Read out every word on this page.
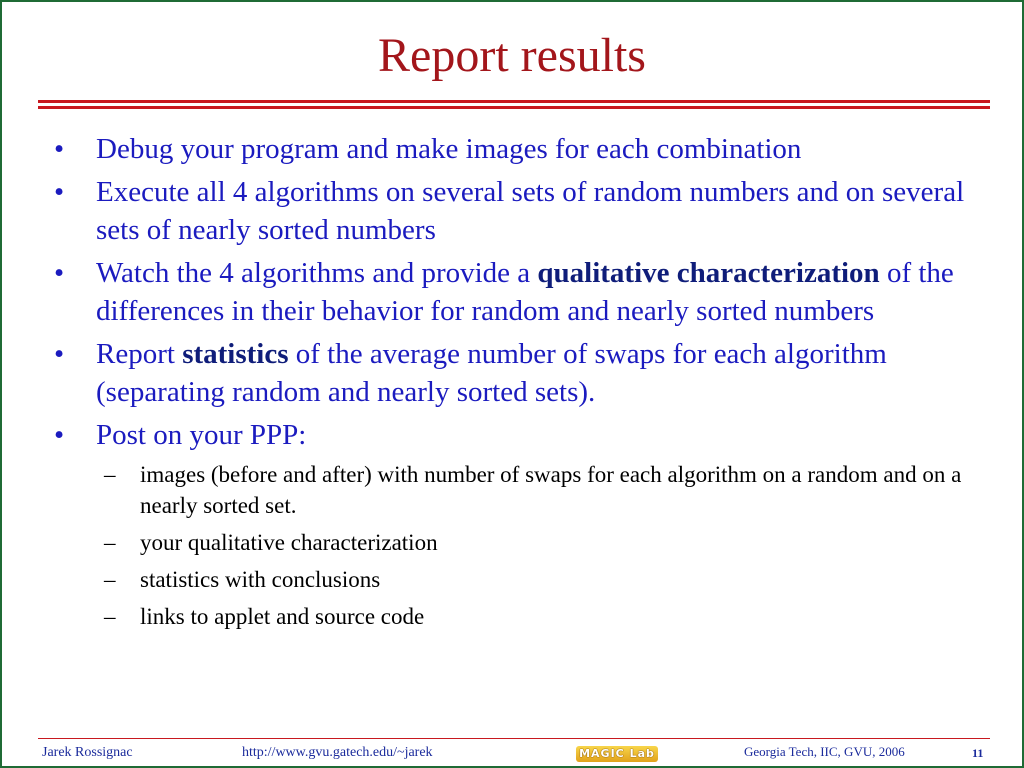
Report results
•	Debug your program and make images for each combination
•	Execute all 4 algorithms on several sets of random numbers and on several sets of nearly sorted numbers
•	Watch the 4 algorithms and provide a qualitative characterization of the differences in their behavior for random and nearly sorted numbers
•	Report statistics of the average number of swaps for each algorithm (separating random and nearly sorted sets).
•	Post on your PPP:
– images (before and after) with number of swaps for each algorithm on a random and on a nearly sorted set.
– your qualitative characterization
– statistics with conclusions
– links to applet and source code
Jarek Rossignac	http://www.gvu.gatech.edu/~jarek	MAGIC Lab	Georgia Tech, IIC, GVU, 2006	11
